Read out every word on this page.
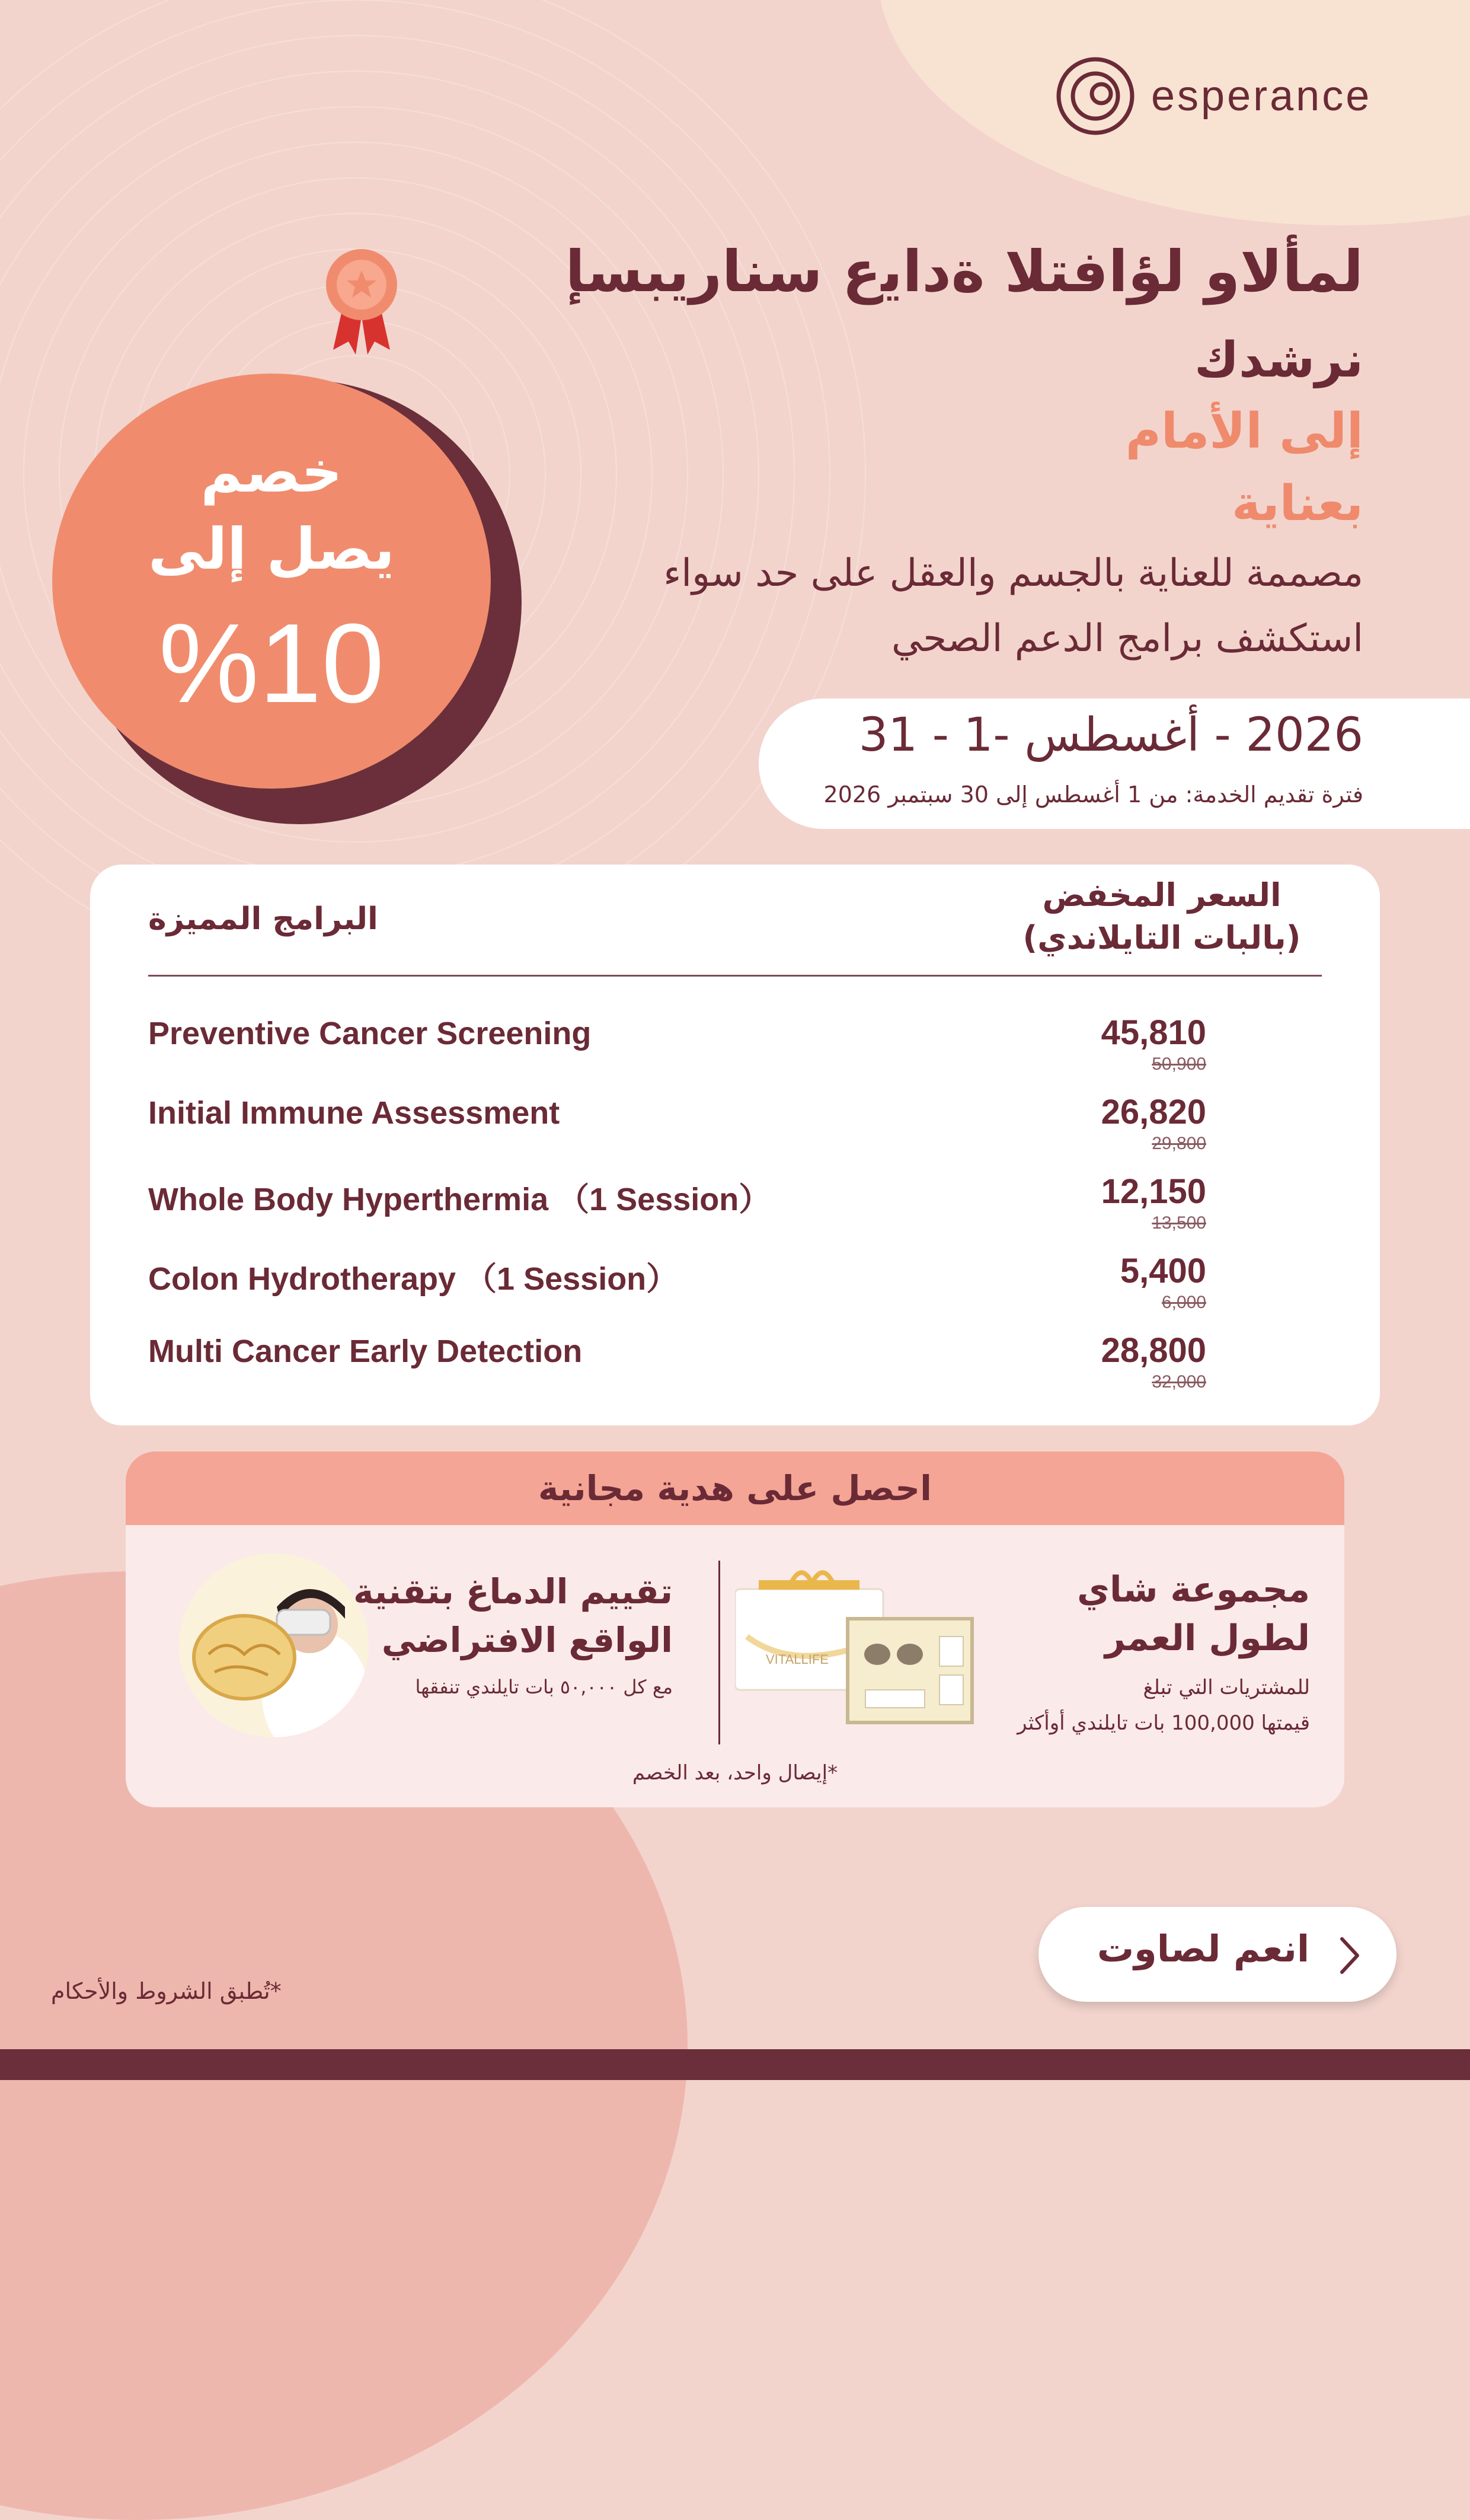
esperance
لمألاو لؤافتلا ةداﻳع سناريبسإ
نرشدك
إلى الأمام
بعناية
مصممة للعناية بالجسم والعقل على حد سواء
استكشف برامج الدعم الصحي
خصم
يصل إلى
%10
2026 - أغسطس -1 - 31
فترة تقديم الخدمة: من 1 أغسطس إلى 30 سبتمبر 2026
البرامج المميزة
السعر المخفض
(بالبات التايلاندي)
Preventive Cancer Screening	45,810
50,900
Initial Immune Assessment	26,820
29,800
Whole Body Hyperthermia （1 Session）	12,150
13,500
Colon Hydrotherapy （1 Session）	5,400
6,000
Multi Cancer Early Detection	28,800
32,000
احصل على هدية مجانية
VITALLIFE
مجموعة شاي
لطول العمر
للمشتريات التي تبلغ
قيمتها 100,000 بات تايلندي أوأكثر
تقييم الدماغ بتقنية
الواقع الافتراضي
مع كل ٥٠,٠٠٠ بات تايلندي تنفقها
*إيصال واحد، بعد الخصم
انعم لصاوت
*تُطبق الشروط والأحكام
